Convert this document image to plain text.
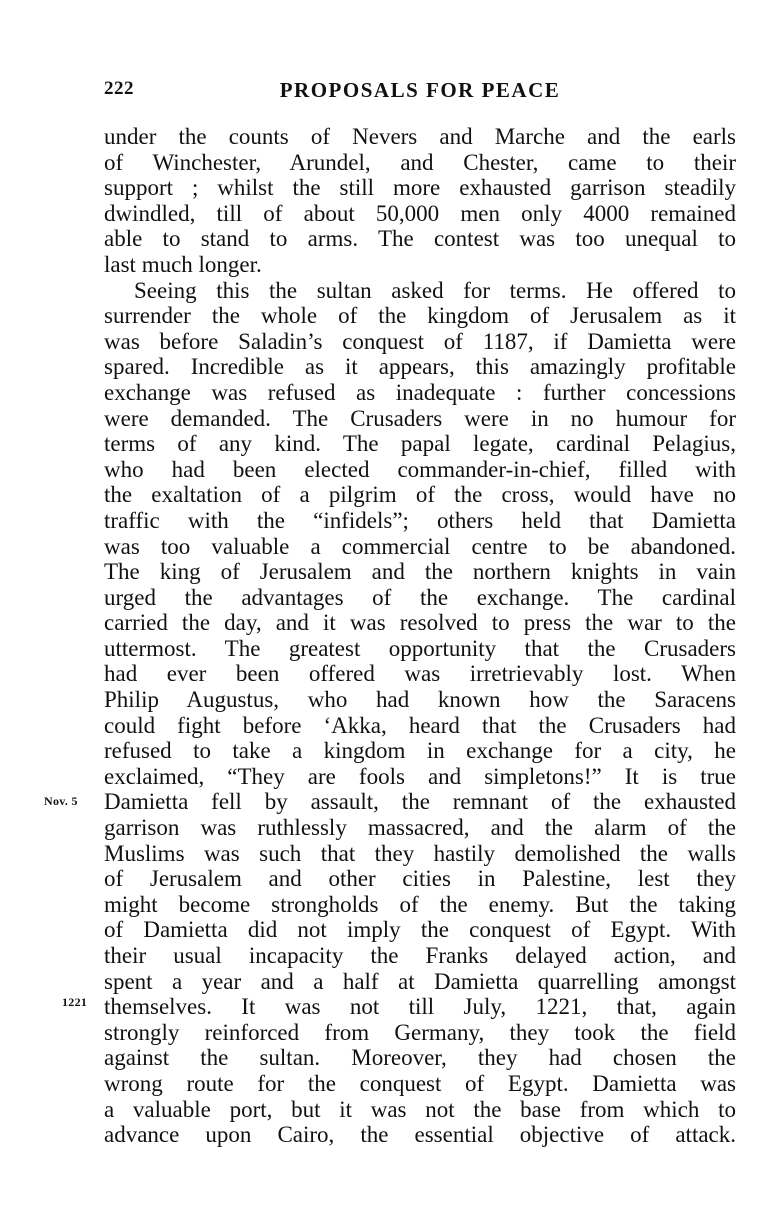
222	PROPOSALS FOR PEACE
Nov. 5
1221
under the counts of Nevers and Marche and the earls
of Winchester, Arundel, and Chester, came to their
support ; whilst the still more exhausted garrison steadily
dwindled, till of about 50,000 men only 4000 remained
able to stand to arms. The contest was too unequal to
last much longer.
Seeing this the sultan asked for terms. He offered to
surrender the whole of the kingdom of Jerusalem as it
was before Saladin’s conquest of 1187, if Damietta were
spared. Incredible as it appears, this amazingly profitable
exchange was refused as inadequate : further concessions
were demanded. The Crusaders were in no humour for
terms of any kind. The papal legate, cardinal Pelagius,
who had been elected commander-in-chief, filled with
the exaltation of a pilgrim of the cross, would have no
traffic with the “infidels”; others held that Damietta
was too valuable a commercial centre to be abandoned.
The king of Jerusalem and the northern knights in vain
urged the advantages of the exchange. The cardinal
carried the day, and it was resolved to press the war to the
uttermost. The greatest opportunity that the Crusaders
had ever been offered was irretrievably lost. When
Philip Augustus, who had known how the Saracens
could fight before ‘Akka, heard that the Crusaders had
refused to take a kingdom in exchange for a city, he
exclaimed, “They are fools and simpletons!” It is true
Damietta fell by assault, the remnant of the exhausted
garrison was ruthlessly massacred, and the alarm of the
Muslims was such that they hastily demolished the walls
of Jerusalem and other cities in Palestine, lest they
might become strongholds of the enemy. But the taking
of Damietta did not imply the conquest of Egypt. With
their usual incapacity the Franks delayed action, and
spent a year and a half at Damietta quarrelling amongst
themselves. It was not till July, 1221, that, again
strongly reinforced from Germany, they took the field
against the sultan. Moreover, they had chosen the
wrong route for the conquest of Egypt. Damietta was
a valuable port, but it was not the base from which to
advance upon Cairo, the essential objective of attack.
